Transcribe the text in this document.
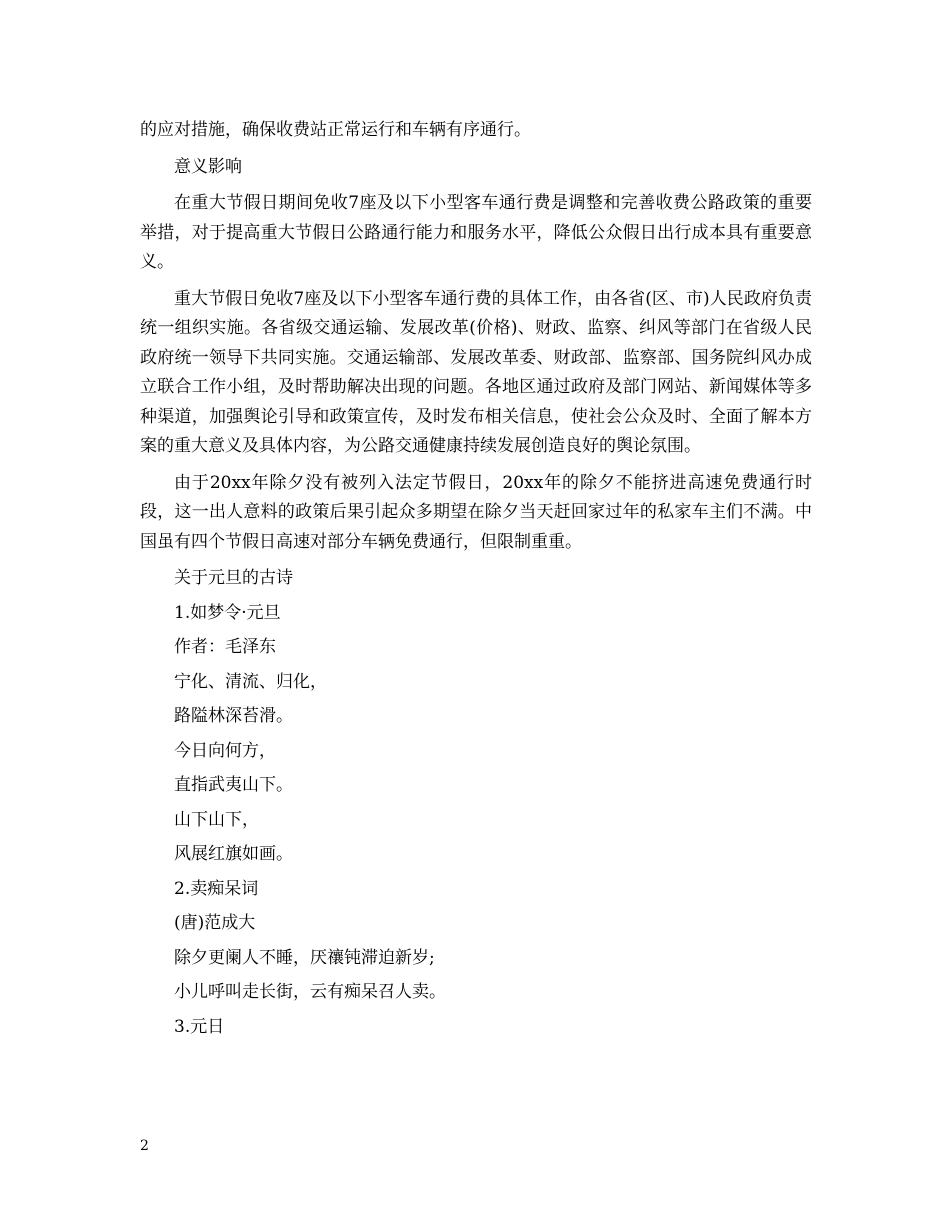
的应对措施，确保收费站正常运行和车辆有序通行。

意义影响

在重大节假日期间免收7座及以下小型客车通行费是调整和完善收费公路政策的重要举措，对于提高重大节假日公路通行能力和服务水平，降低公众假日出行成本具有重要意义。

重大节假日免收7座及以下小型客车通行费的具体工作，由各省(区、市)人民政府负责统一组织实施。各省级交通运输、发展改革(价格)、财政、监察、纠风等部门在省级人民政府统一领导下共同实施。交通运输部、发展改革委、财政部、监察部、国务院纠风办成立联合工作小组，及时帮助解决出现的问题。各地区通过政府及部门网站、新闻媒体等多种渠道，加强舆论引导和政策宣传，及时发布相关信息，使社会公众及时、全面了解本方案的重大意义及具体内容，为公路交通健康持续发展创造良好的舆论氛围。

由于20xx年除夕没有被列入法定节假日，20xx年的除夕不能挤进高速免费通行时段，这一出人意料的政策后果引起众多期望在除夕当天赶回家过年的私家车主们不满。中国虽有四个节假日高速对部分车辆免费通行，但限制重重。

关于元旦的古诗

1.如梦令·元旦

作者：毛泽东

宁化、清流、归化，

路隘林深苔滑。

今日向何方，

直指武夷山下。

山下山下，

风展红旗如画。

2.卖痴呆词

(唐)范成大

除夕更阑人不睡，厌禳钝滞迫新岁;

小儿呼叫走长街，云有痴呆召人卖。

3.元日

2
